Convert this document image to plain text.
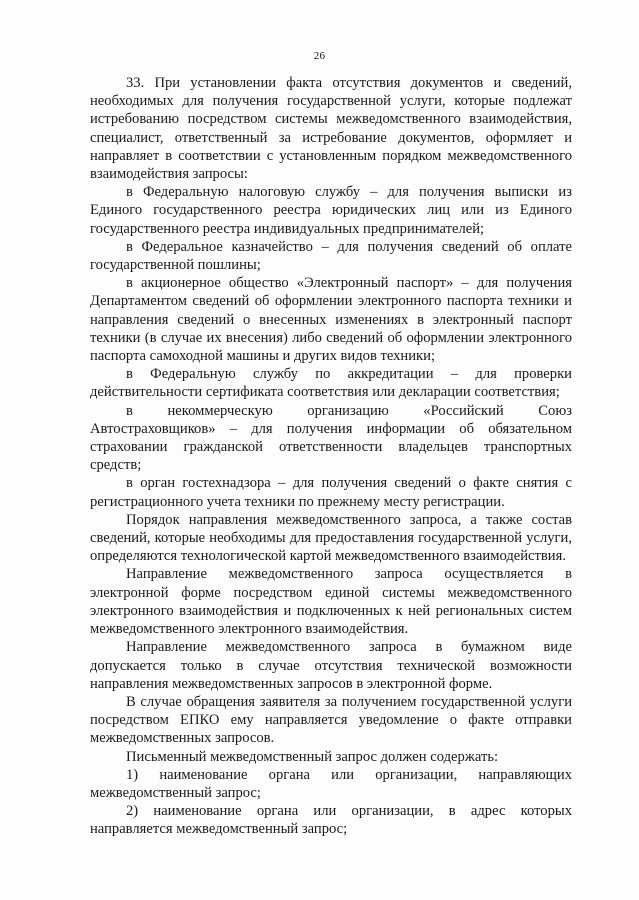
26

33. При установлении факта отсутствия документов и сведений, необходимых для получения государственной услуги, которые подлежат истребованию посредством системы межведомственного взаимодействия, специалист, ответственный за истребование документов, оформляет и направляет в соответствии с установленным порядком межведомственного взаимодействия запросы:

в Федеральную налоговую службу – для получения выписки из Единого государственного реестра юридических лиц или из Единого государственного реестра индивидуальных предпринимателей;

в Федеральное казначейство – для получения сведений об оплате государственной пошлины;

в акционерное общество «Электронный паспорт» – для получения Департаментом сведений об оформлении электронного паспорта техники и направления сведений о внесенных изменениях в электронный паспорт техники (в случае их внесения) либо сведений об оформлении электронного паспорта самоходной машины и других видов техники;

в Федеральную службу по аккредитации – для проверки действительности сертификата соответствия или декларации соответствия;

в некоммерческую организацию «Российский Союз Автостраховщиков» – для получения информации об обязательном страховании гражданской ответственности владельцев транспортных средств;

в орган гостехнадзора – для получения сведений о факте снятия с регистрационного учета техники по прежнему месту регистрации.

Порядок направления межведомственного запроса, а также состав сведений, которые необходимы для предоставления государственной услуги, определяются технологической картой межведомственного взаимодействия.

Направление межведомственного запроса осуществляется в электронной форме посредством единой системы межведомственного электронного взаимодействия и подключенных к ней региональных систем межведомственного электронного взаимодействия.

Направление межведомственного запроса в бумажном виде допускается только в случае отсутствия технической возможности направления межведомственных запросов в электронной форме.

В случае обращения заявителя за получением государственной услуги посредством ЕПКО ему направляется уведомление о факте отправки межведомственных запросов.

Письменный межведомственный запрос должен содержать:

1) наименование органа или организации, направляющих межведомственный запрос;

2) наименование органа или организации, в адрес которых направляется межведомственный запрос;
